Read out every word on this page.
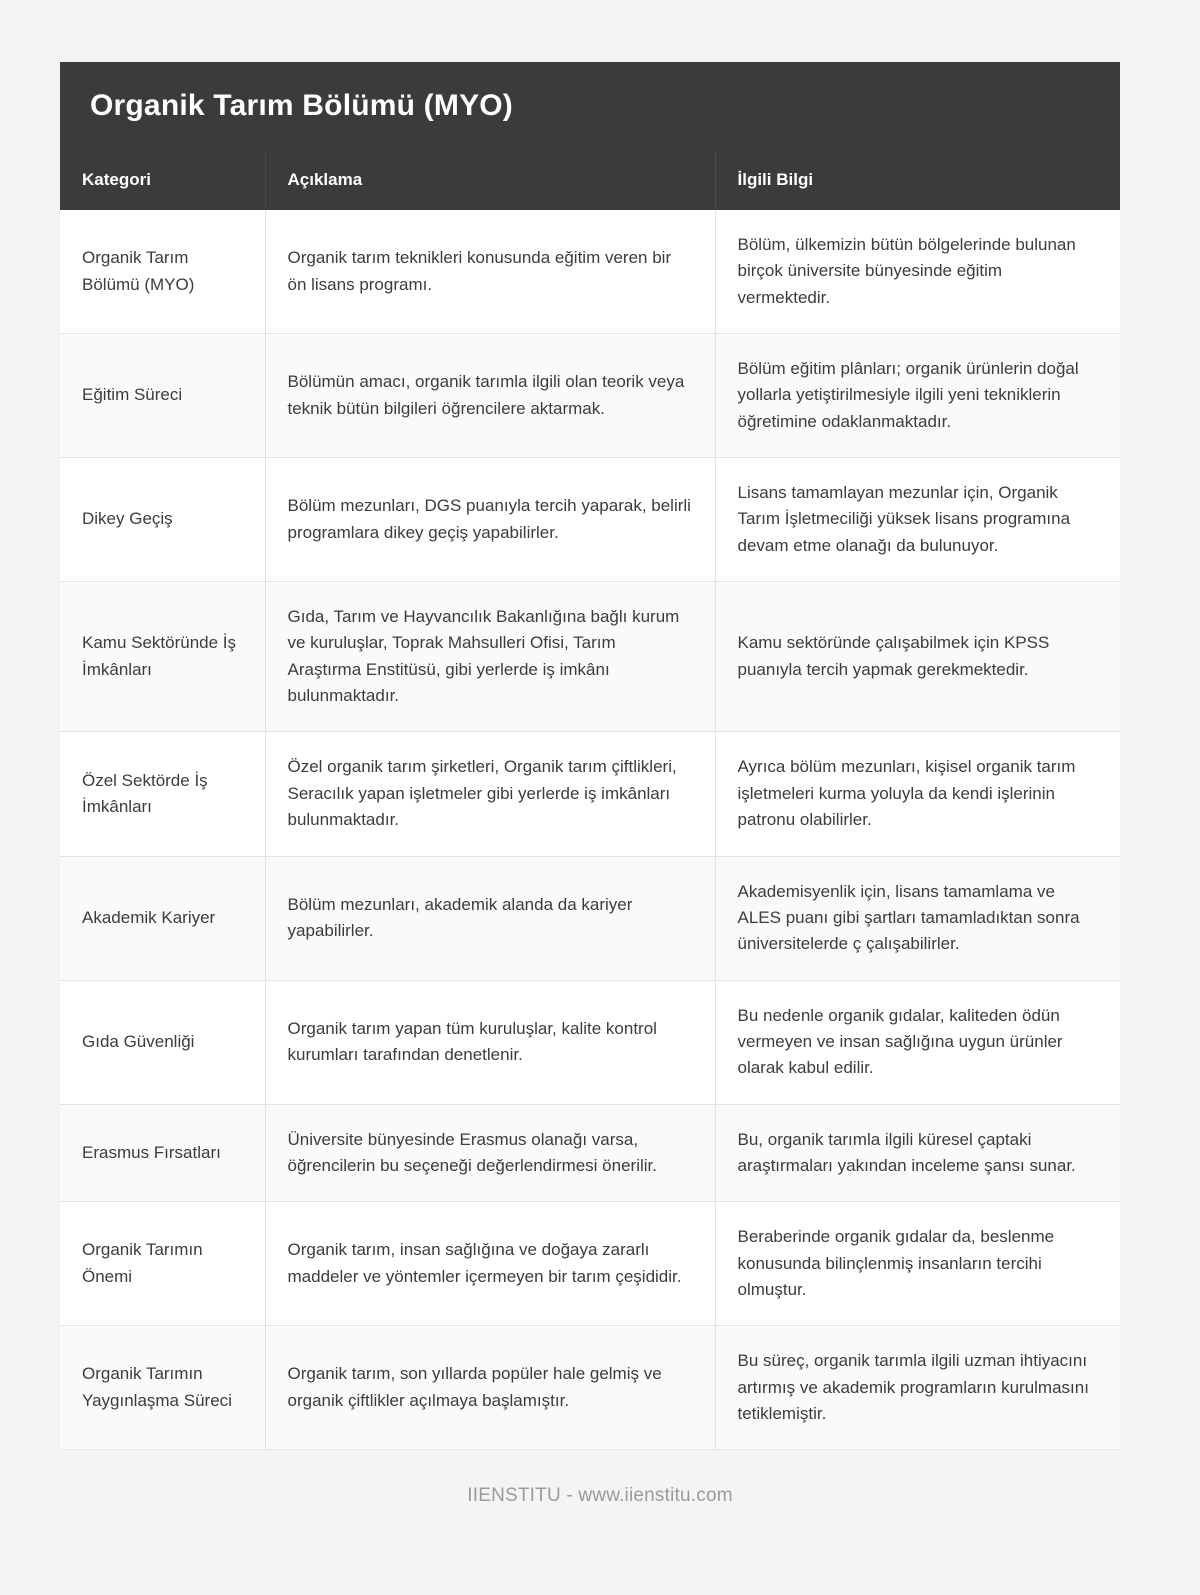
Organik Tarım Bölümü (MYO)
Kategori	Açıklama	İlgili Bilgi
Organik Tarım Bölümü (MYO)	Organik tarım teknikleri konusunda eğitim veren bir ön lisans programı.	Bölüm, ülkemizin bütün bölgelerinde bulunan birçok üniversite bünyesinde eğitim vermektedir.
Eğitim Süreci	Bölümün amacı, organik tarımla ilgili olan teorik veya teknik bütün bilgileri öğrencilere aktarmak.	Bölüm eğitim plânları; organik ürünlerin doğal yollarla yetiştirilmesiyle ilgili yeni tekniklerin öğretimine odaklanmaktadır.
Dikey Geçiş	Bölüm mezunları, DGS puanıyla tercih yaparak, belirli programlara dikey geçiş yapabilirler.	Lisans tamamlayan mezunlar için, Organik Tarım İşletmeciliği yüksek lisans programına devam etme olanağı da bulunuyor.
Kamu Sektöründe İş İmkânları	Gıda, Tarım ve Hayvancılık Bakanlığına bağlı kurum ve kuruluşlar, Toprak Mahsulleri Ofisi, Tarım Araştırma Enstitüsü, gibi yerlerde iş imkânı bulunmaktadır.	Kamu sektöründe çalışabilmek için KPSS puanıyla tercih yapmak gerekmektedir.
Özel Sektörde İş İmkânları	Özel organik tarım şirketleri, Organik tarım çiftlikleri, Seracılık yapan işletmeler gibi yerlerde iş imkânları bulunmaktadır.	Ayrıca bölüm mezunları, kişisel organik tarım işletmeleri kurma yoluyla da kendi işlerinin patronu olabilirler.
Akademik Kariyer	Bölüm mezunları, akademik alanda da kariyer yapabilirler.	Akademisyenlik için, lisans tamamlama ve ALES puanı gibi şartları tamamladıktan sonra üniversitelerde ç çalışabilirler.
Gıda Güvenliği	Organik tarım yapan tüm kuruluşlar, kalite kontrol kurumları tarafından denetlenir.	Bu nedenle organik gıdalar, kaliteden ödün vermeyen ve insan sağlığına uygun ürünler olarak kabul edilir.
Erasmus Fırsatları	Üniversite bünyesinde Erasmus olanağı varsa, öğrencilerin bu seçeneği değerlendirmesi önerilir.	Bu, organik tarımla ilgili küresel çaptaki araştırmaları yakından inceleme şansı sunar.
Organik Tarımın Önemi	Organik tarım, insan sağlığına ve doğaya zararlı maddeler ve yöntemler içermeyen bir tarım çeşididir.	Beraberinde organik gıdalar da, beslenme konusunda bilinçlenmiş insanların tercihi olmuştur.
Organik Tarımın Yaygınlaşma Süreci	Organik tarım, son yıllarda popüler hale gelmiş ve organik çiftlikler açılmaya başlamıştır.	Bu süreç, organik tarımla ilgili uzman ihtiyacını artırmış ve akademik programların kurulmasını tetiklemiştir.
IIENSTITU - www.iienstitu.com
